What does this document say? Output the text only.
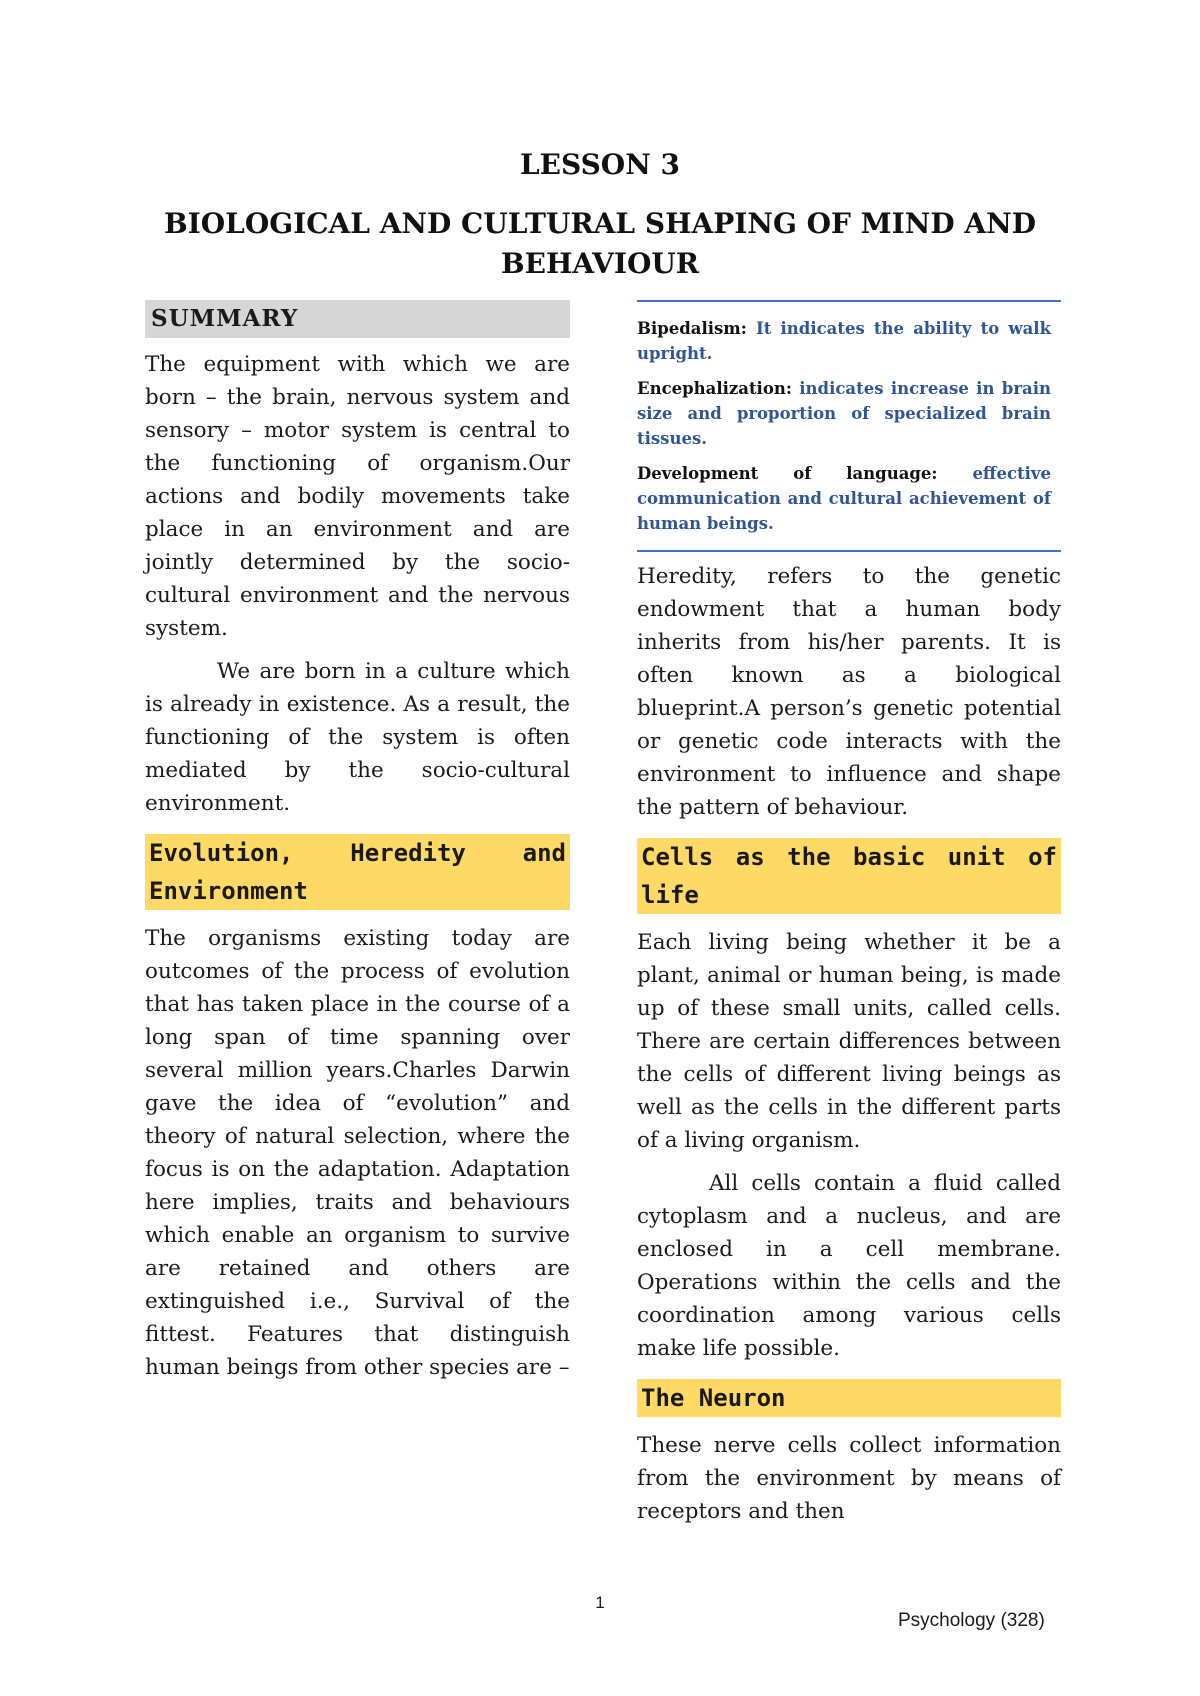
LESSON 3
BIOLOGICAL AND CULTURAL SHAPING OF MIND AND BEHAVIOUR
SUMMARY

The equipment with which we are born – the brain, nervous system and sensory – motor system is central to the functioning of organism.Our actions and bodily movements take place in an environment and are jointly determined by the socio-cultural environment and the nervous system.

We are born in a culture which is already in existence. As a result, the functioning of the system is often mediated by the socio-cultural environment.

Evolution, Heredity and Environment

The organisms existing today are outcomes of the process of evolution that has taken place in the course of a long span of time spanning over several million years.Charles Darwin gave the idea of “evolution” and theory of natural selection, where the focus is on the adaptation. Adaptation here implies, traits and behaviours which enable an organism to survive are retained and others are extinguished i.e., Survival of the fittest. Features that distinguish human beings from other species are –

Bipedalism: It indicates the ability to walk upright.

Encephalization: indicates increase in brain size and proportion of specialized brain tissues.

Development of language: effective communication and cultural achievement of human beings.

Heredity, refers to the genetic endowment that a human body inherits from his/her parents. It is often known as a biological blueprint.A person’s genetic potential or genetic code interacts with the environment to influence and shape the pattern of behaviour.

Cells as the basic unit of life

Each living being whether it be a plant, animal or human being, is made up of these small units, called cells. There are certain differences between the cells of different living beings as well as the cells in the different parts of a living organism.

All cells contain a fluid called cytoplasm and a nucleus, and are enclosed in a cell membrane. Operations within the cells and the coordination among various cells make life possible.

The Neuron

These nerve cells collect information from the environment by means of receptors and then

1
Psychology (328)
